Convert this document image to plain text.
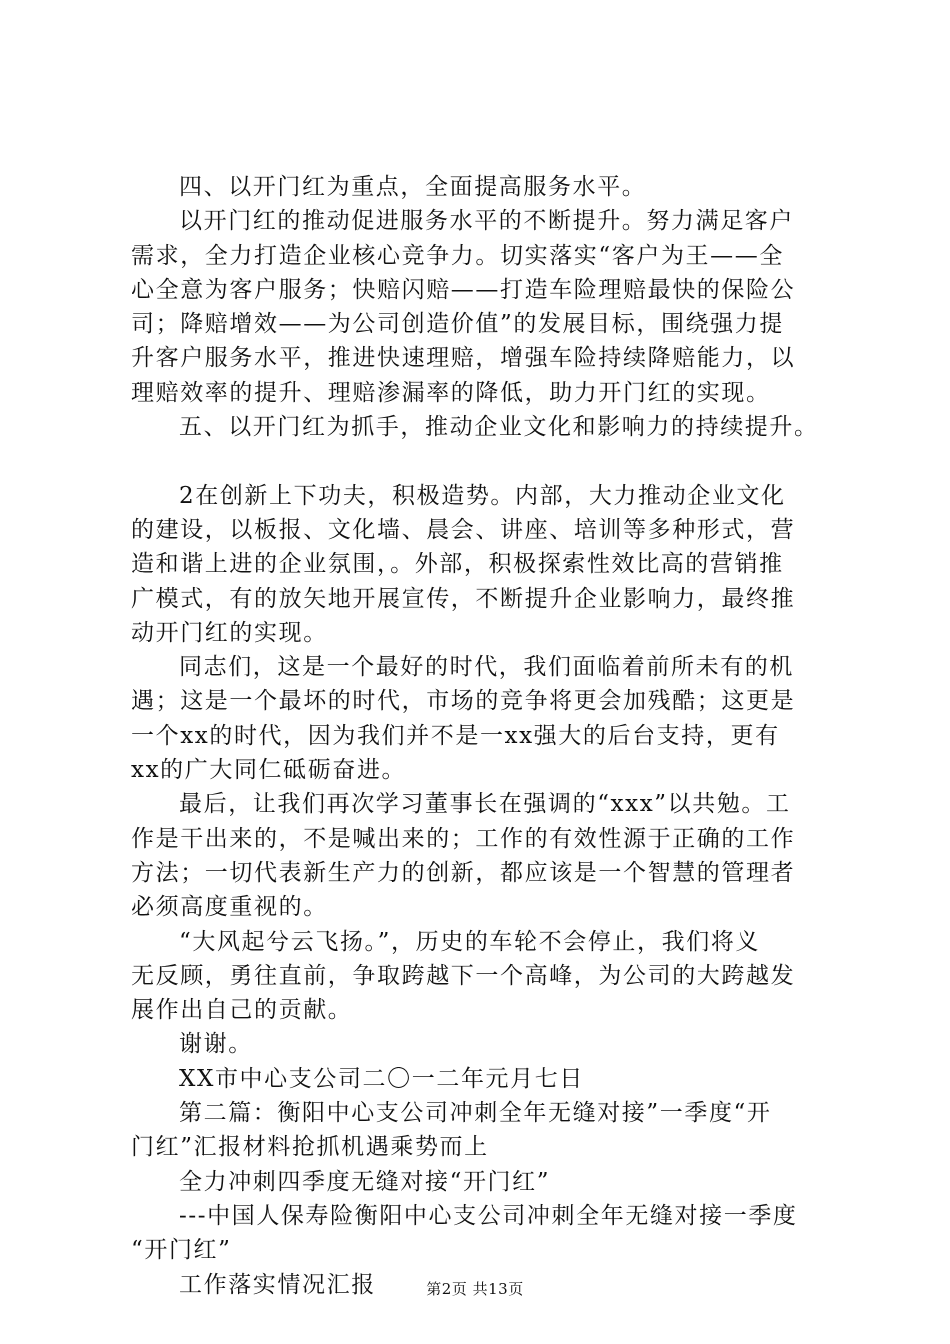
四、以开门红为重点，全面提高服务水平。
以开门红的推动促进服务水平的不断提升。努力满足客户
需求，全力打造企业核心竞争力。切实落实“客户为王——全
心全意为客户服务；快赔闪赔——打造车险理赔最快的保险公
司；降赔增效——为公司创造价值”的发展目标，围绕强力提
升客户服务水平，推进快速理赔，增强车险持续降赔能力，以
理赔效率的提升、理赔渗漏率的降低，助力开门红的实现。
五、以开门红为抓手，推动企业文化和影响力的持续提升。
2在创新上下功夫，积极造势。内部，大力推动企业文化
的建设，以板报、文化墙、晨会、讲座、培训等多种形式，营
造和谐上进的企业氛围，。外部，积极探索性效比高的营销推
广模式，有的放矢地开展宣传，不断提升企业影响力，最终推
动开门红的实现。
同志们，这是一个最好的时代，我们面临着前所未有的机
遇；这是一个最坏的时代，市场的竞争将更会加残酷；这更是
一个xx的时代，因为我们并不是一xx强大的后台支持，更有
xx的广大同仁砥砺奋进。
最后，让我们再次学习董事长在强调的“xxx”以共勉。工
作是干出来的，不是喊出来的；工作的有效性源于正确的工作
方法；一切代表新生产力的创新，都应该是一个智慧的管理者
必须高度重视的。
“大风起兮云飞扬。”，历史的车轮不会停止，我们将义
无反顾，勇往直前，争取跨越下一个高峰，为公司的大跨越发
展作出自己的贡献。
谢谢。
XX市中心支公司二〇一二年元月七日
第二篇：衡阳中心支公司冲刺全年无缝对接”一季度“开
门红”汇报材料抢抓机遇乘势而上
全力冲刺四季度无缝对接“开门红”
---中国人保寿险衡阳中心支公司冲刺全年无缝对接一季度
“开门红”
工作落实情况汇报	第2页 共13页
